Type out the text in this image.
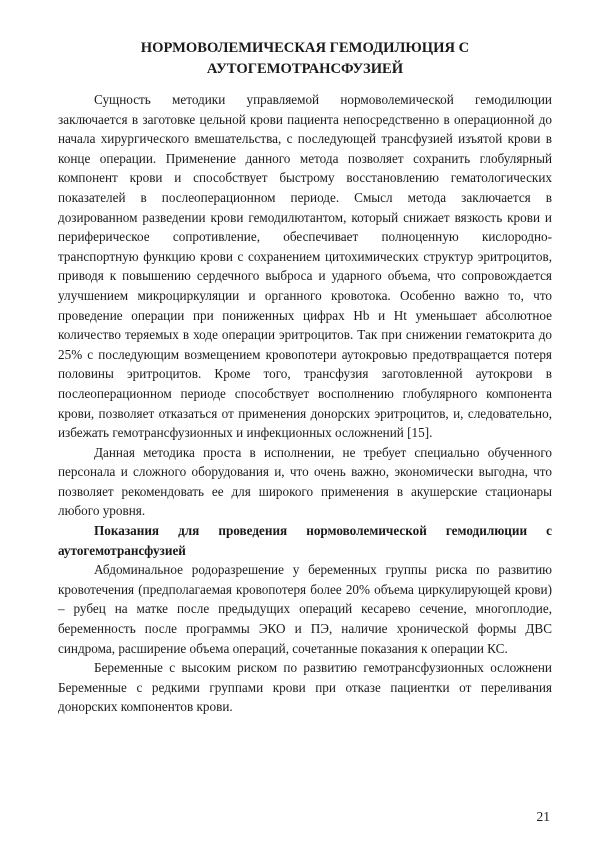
НОРМОВОЛЕМИЧЕСКАЯ ГЕМОДИЛЮЦИЯ С
АУТОГЕМОТРАНСФУЗИЕЙ

Сущность методики управляемой нормоволемической гемодилюции заключается в заготовке цельной крови пациента непосредственно в операционной до начала хирургического вмешательства, с последующей трансфузией изъятой крови в конце операции. Применение данного метода позволяет сохранить глобулярный компонент крови и способствует быстрому восстановлению гематологических показателей в послеоперационном периоде. Смысл метода заключается в дозированном разведении крови гемодилютантом, который снижает вязкость крови и периферическое сопротивление, обеспечивает полноценную кислородно-транспортную функцию крови с сохранением цитохимических структур эритроцитов, приводя к повышению сердечного выброса и ударного объема, что сопровождается улучшением микроциркуляции и органного кровотока. Особенно важно то, что проведение операции при пониженных цифрах Hb и Ht уменьшает абсолютное количество теряемых в ходе операции эритроцитов. Так при снижении гематокрита до 25% с последующим возмещением кровопотери аутокровью предотвращается потеря половины эритроцитов. Кроме того, трансфузия заготовленной аутокрови в послеоперационном периоде способствует восполнению глобулярного компонента крови, позволяет отказаться от применения донорских эритроцитов, и, следовательно, избежать гемотрансфузионных и инфекционных осложнений [15].

Данная методика проста в исполнении, не требует специально обученного персонала и сложного оборудования и, что очень важно, экономически выгодна, что позволяет рекомендовать ее для широкого применения в акушерские стационары любого уровня.

Показания для проведения нормоволемической гемодилюции с аутогемотрансфузией

Абдоминальное родоразрешение у беременных группы риска по развитию кровотечения (предполагаемая кровопотеря более 20% объема циркулирующей крови) – рубец на матке после предыдущих операций кесарево сечение, многоплодие, беременность после программы ЭКО и ПЭ, наличие хронической формы ДВС синдрома, расширение объема операций, сочетанные показания к операции КС.

Беременные с высоким риском по развитию гемотрансфузионных осложнени Беременные с редкими группами крови при отказе пациентки от переливания донорских компонентов крови.

21
